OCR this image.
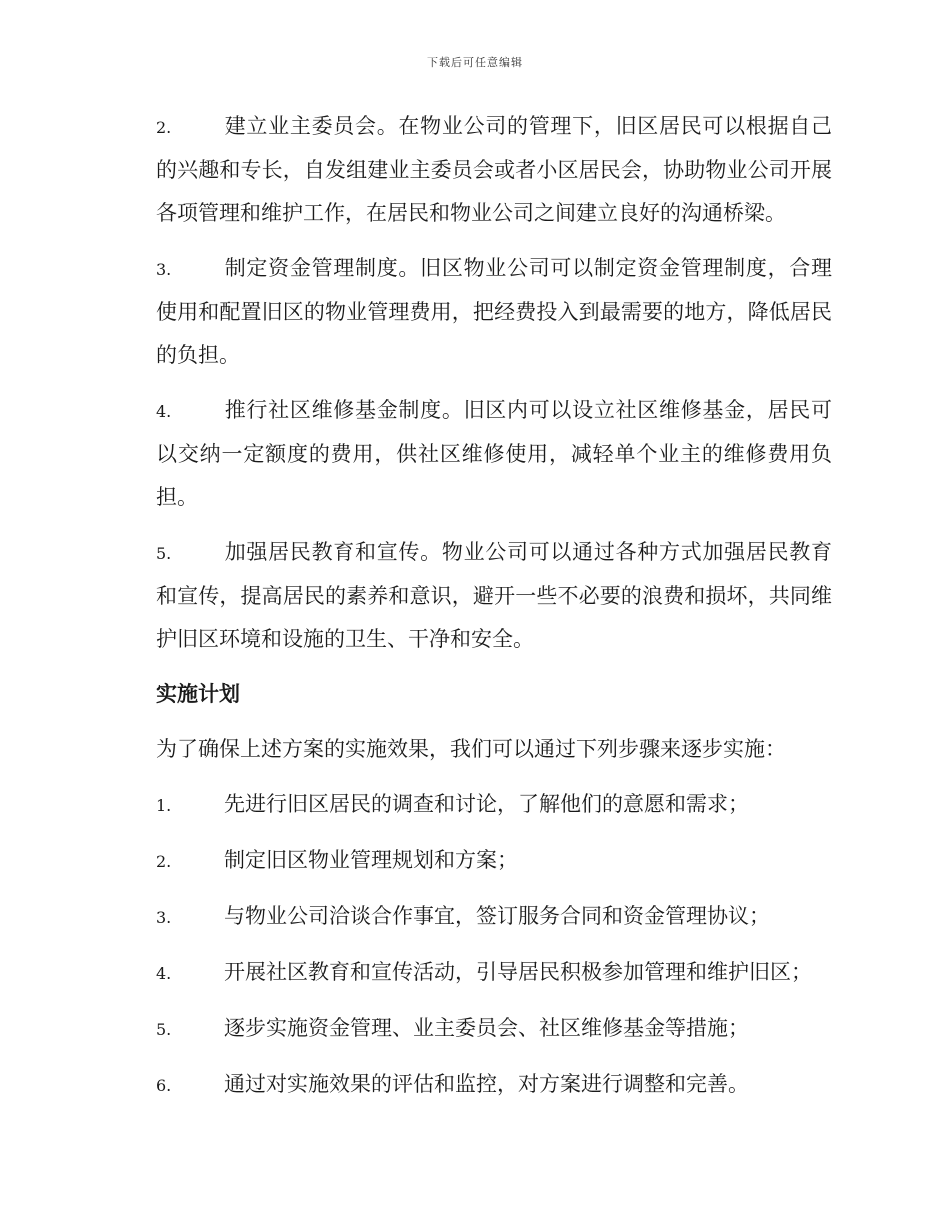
下载后可任意编辑

2.	建立业主委员会。在物业公司的管理下，旧区居民可以根据自己的兴趣和专长，自发组建业主委员会或者小区居民会，协助物业公司开展各项管理和维护工作，在居民和物业公司之间建立良好的沟通桥梁。

3.	制定资金管理制度。旧区物业公司可以制定资金管理制度，合理使用和配置旧区的物业管理费用，把经费投入到最需要的地方，降低居民的负担。

4.	推行社区维修基金制度。旧区内可以设立社区维修基金，居民可以交纳一定额度的费用，供社区维修使用，减轻单个业主的维修费用负担。

5.	加强居民教育和宣传。物业公司可以通过各种方式加强居民教育和宣传，提高居民的素养和意识，避开一些不必要的浪费和损坏，共同维护旧区环境和设施的卫生、干净和安全。

实施计划

为了确保上述方案的实施效果，我们可以通过下列步骤来逐步实施：

1.	先进行旧区居民的调查和讨论，了解他们的意愿和需求；

2.	制定旧区物业管理规划和方案；

3.	与物业公司洽谈合作事宜，签订服务合同和资金管理协议；

4.	开展社区教育和宣传活动，引导居民积极参加管理和维护旧区；

5.	逐步实施资金管理、业主委员会、社区维修基金等措施；

6.	通过对实施效果的评估和监控，对方案进行调整和完善。
